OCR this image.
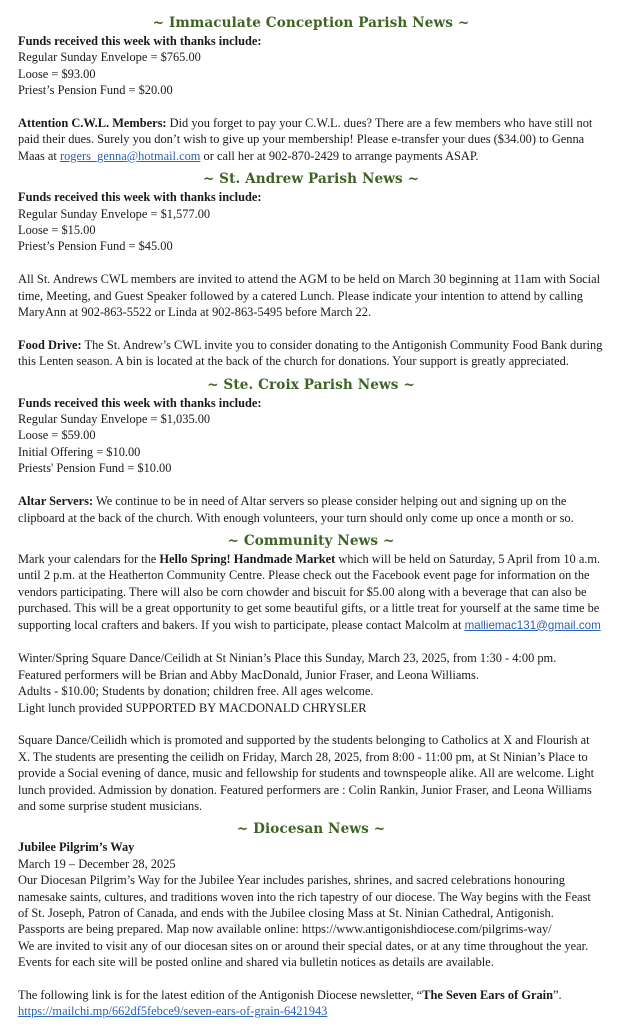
~ Immaculate Conception Parish News ~

Funds received this week with thanks include:

Regular Sunday Envelope = $765.00

Loose = $93.00

Priest’s Pension Fund = $20.00

Attention C.W.L. Members: Did you forget to pay your C.W.L. dues? There are a few members who have still not paid their dues. Surely you don’t wish to give up your membership! Please e-transfer your dues ($34.00) to Genna Maas at rogers_genna@hotmail.com or call her at 902-870-2429 to arrange payments ASAP.

~ St. Andrew Parish News ~

Funds received this week with thanks include:

Regular Sunday Envelope = $1,577.00

Loose = $15.00

Priest’s Pension Fund = $45.00

All St. Andrews CWL members are invited to attend the AGM to be held on March 30 beginning at 11am with Social time, Meeting, and Guest Speaker followed by a catered Lunch. Please indicate your intention to attend by calling MaryAnn at 902-863-5522 or Linda at 902-863-5495 before March 22.

Food Drive: The St. Andrew’s CWL invite you to consider donating to the Antigonish Community Food Bank during this Lenten season. A bin is located at the back of the church for donations. Your support is greatly appreciated.

~ Ste. Croix Parish News ~

Funds received this week with thanks include:

Regular Sunday Envelope = $1,035.00

Loose = $59.00

Initial Offering = $10.00

Priests' Pension Fund = $10.00

Altar Servers: We continue to be in need of Altar servers so please consider helping out and signing up on the clipboard at the back of the church. With enough volunteers, your turn should only come up once a month or so.

~ Community News ~

Mark your calendars for the Hello Spring! Handmade Market which will be held on Saturday, 5 April from 10 a.m. until 2 p.m. at the Heatherton Community Centre. Please check out the Facebook event page for information on the vendors participating. There will also be corn chowder and biscuit for $5.00 along with a beverage that can also be purchased. This will be a great opportunity to get some beautiful gifts, or a little treat for yourself at the same time be supporting local crafters and bakers. If you wish to participate, please contact Malcolm at malliemac131@gmail.com

Winter/Spring Square Dance/Ceilidh at St Ninian’s Place this Sunday, March 23, 2025, from 1:30 - 4:00 pm.

Featured performers will be Brian and Abby MacDonald, Junior Fraser, and Leona Williams.

Adults - $10.00; Students by donation; children free. All ages welcome.

Light lunch provided SUPPORTED BY MACDONALD CHRYSLER

Square Dance/Ceilidh which is promoted and supported by the students belonging to Catholics at X and Flourish at X. The students are presenting the ceilidh on Friday, March 28, 2025, from 8:00 - 11:00 pm, at St Ninian’s Place to provide a Social evening of dance, music and fellowship for students and townspeople alike. All are welcome. Light lunch provided. Admission by donation. Featured performers are : Colin Rankin, Junior Fraser, and Leona Williams and some surprise student musicians.

~ Diocesan News ~

Jubilee Pilgrim’s Way

March 19 – December 28, 2025

Our Diocesan Pilgrim’s Way for the Jubilee Year includes parishes, shrines, and sacred celebrations honouring namesake saints, cultures, and traditions woven into the rich tapestry of our diocese. The Way begins with the Feast of St. Joseph, Patron of Canada, and ends with the Jubilee closing Mass at St. Ninian Cathedral, Antigonish.

Passports are being prepared. Map now available online: https://www.antigonishdiocese.com/pilgrims-way/

We are invited to visit any of our diocesan sites on or around their special dates, or at any time throughout the year. Events for each site will be posted online and shared via bulletin notices as details are available.

The following link is for the latest edition of the Antigonish Diocese newsletter, “The Seven Ears of Grain”.

https://mailchi.mp/662df5febce9/seven-ears-of-grain-6421943
